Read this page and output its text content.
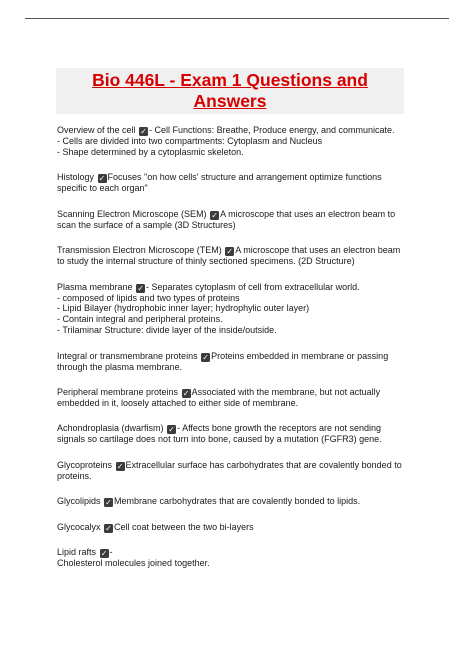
Bio 446L - Exam 1 Questions and
Answers
Overview of the cell ✓ - Cell Functions: Breathe, Produce energy, and communicate.
- Cells are divided into two compartments: Cytoplasm and Nucleus
- Shape determined by a cytoplasmic skeleton.
Histology ✓ Focuses "on how cells' structure and arrangement optimize functions
specific to each organ"
Scanning Electron Microscope (SEM) ✓ A microscope that uses an electron beam to
scan the surface of a sample (3D Structures)
Transmission Electron Microscope (TEM) ✓ A microscope that uses an electron beam
to study the internal structure of thinly sectioned specimens. (2D Structure)
Plasma membrane ✓ - Separates cytoplasm of cell from extracellular world.
- composed of lipids and two types of proteins
- Lipid Bilayer (hydrophobic inner layer; hydrophylic outer layer)
- Contain integral and peripheral proteins.
- Trilaminar Structure: divide layer of the inside/outside.
Integral or transmembrane proteins ✓ Proteins embedded in membrane or passing
through the plasma membrane.
Peripheral membrane proteins ✓ Associated with the membrane, but not actually
embedded in it, loosely attached to either side of membrane.
Achondroplasia (dwarfism) ✓ - Affects bone growth the receptors are not sending
signals so cartilage does not turn into bone, caused by a mutation (FGFR3) gene.
Glycoproteins ✓ Extracellular surface has carbohydrates that are covalently bonded to
proteins.
Glycolipids ✓ Membrane carbohydrates that are covalently bonded to lipids.
Glycocalyx ✓ Cell coat between the two bi-layers
Lipid rafts ✓ -
Cholesterol molecules joined together.
